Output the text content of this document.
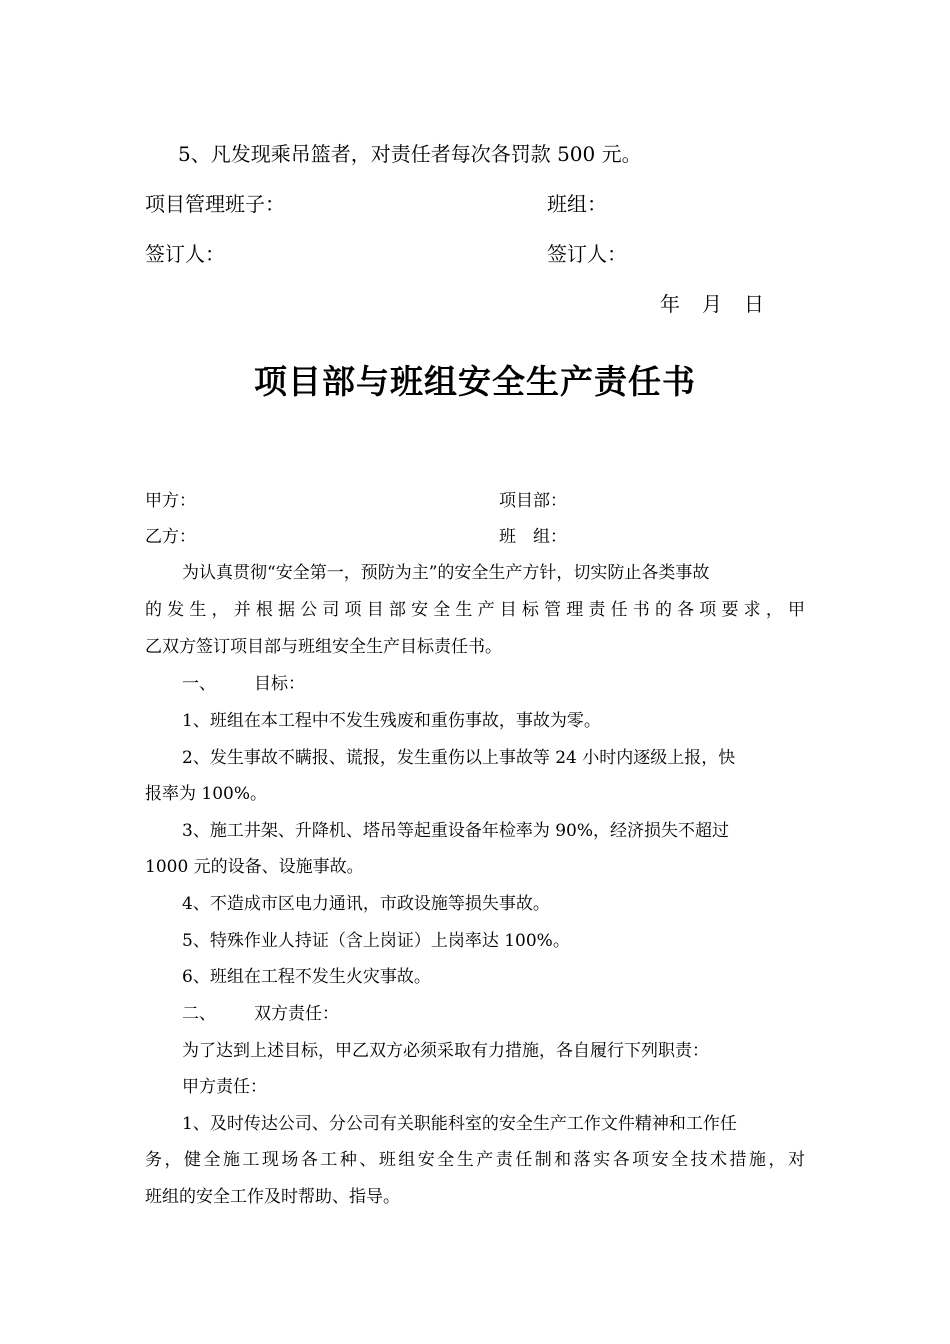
5、凡发现乘吊篮者，对责任者每次各罚款 500 元。
项目管理班子：	班组：
签订人：	签订人：
年 月 日
项目部与班组安全生产责任书
甲方：	项目部：
乙方：	班　组：
为认真贯彻“安全第一，预防为主”的安全生产方针，切实防止各类事故
的发生，并根据公司项目部安全生产目标管理责任书的各项要求，甲
乙双方签订项目部与班组安全生产目标责任书。
一、 目标：
1、班组在本工程中不发生残废和重伤事故，事故为零。
2、发生事故不瞒报、谎报，发生重伤以上事故等 24 小时内逐级上报，快
报率为 100%。
3、施工井架、升降机、塔吊等起重设备年检率为 90%，经济损失不超过
1000 元的设备、设施事故。
4、不造成市区电力通讯，市政设施等损失事故。
5、特殊作业人持证（含上岗证）上岗率达 100%。
6、班组在工程不发生火灾事故。
二、 双方责任：
为了达到上述目标，甲乙双方必须采取有力措施，各自履行下列职责：
甲方责任：
1、及时传达公司、分公司有关职能科室的安全生产工作文件精神和工作任
务，健全施工现场各工种、班组安全生产责任制和落实各项安全技术措施，对
班组的安全工作及时帮助、指导。
